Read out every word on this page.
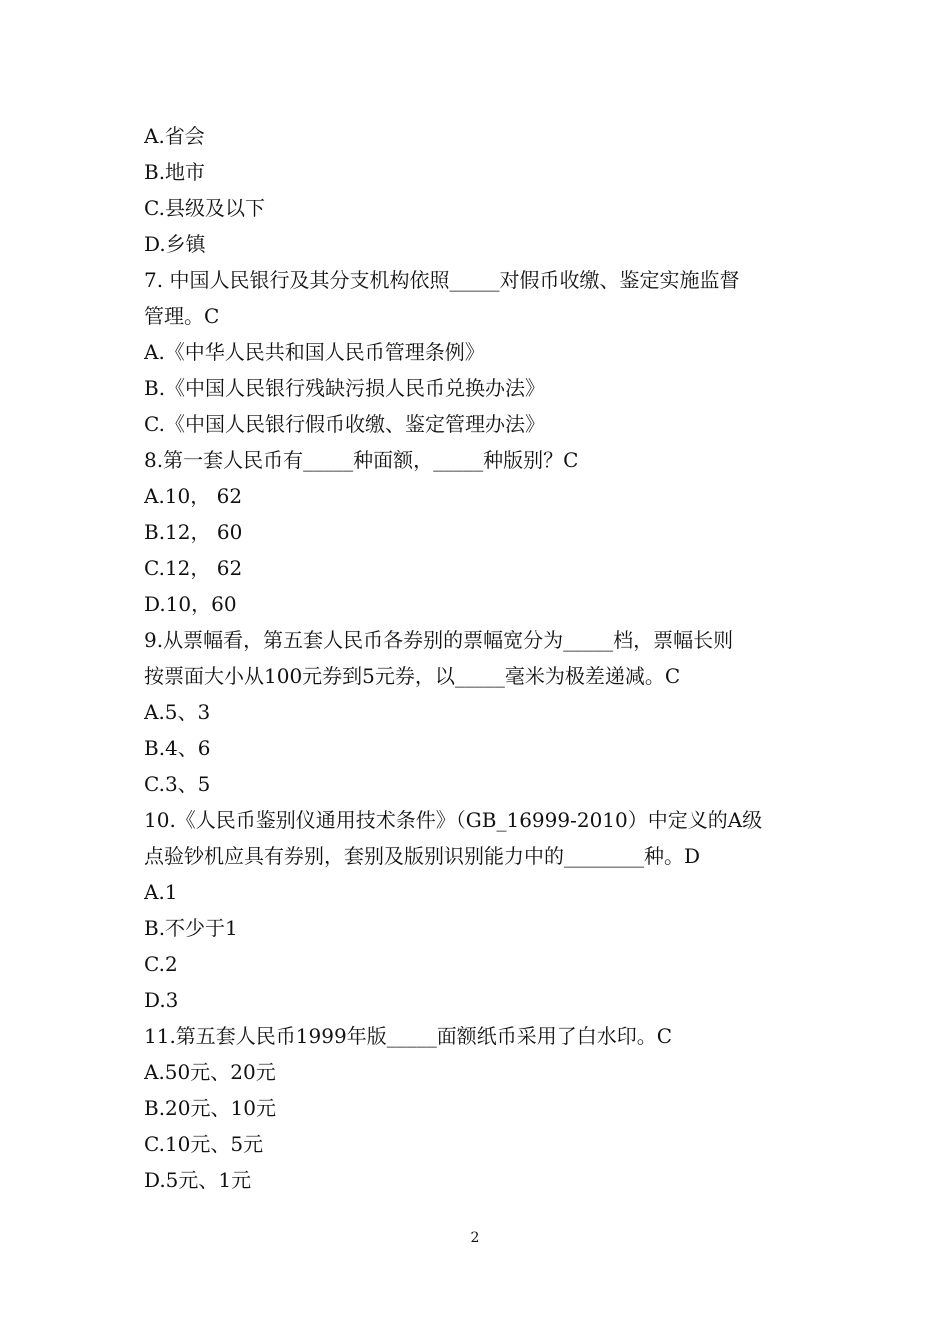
A.省会
B.地市
C.县级及以下
D.乡镇
7. 中国人民银行及其分支机构依照_____对假币收缴、鉴定实施监督
管理。C
A.《中华人民共和国人民币管理条例》
B.《中国人民银行残缺污损人民币兑换办法》
C.《中国人民银行假币收缴、鉴定管理办法》
8.第一套人民币有_____种面额，_____种版别？C
A.10， 62
B.12， 60
C.12， 62
D.10，60
9.从票幅看，第五套人民币各券别的票幅宽分为_____档，票幅长则
按票面大小从100元券到5元券，以_____毫米为极差递减。C
A.5、3
B.4、6
C.3、5
10.《人民币鉴别仪通用技术条件》（GB_16999-2010）中定义的A级
点验钞机应具有券别，套别及版别识别能力中的________种。D
A.1
B.不少于1
C.2
D.3
11.第五套人民币1999年版_____面额纸币采用了白水印。C
A.50元、20元
B.20元、10元
C.10元、5元
D.5元、1元
2
